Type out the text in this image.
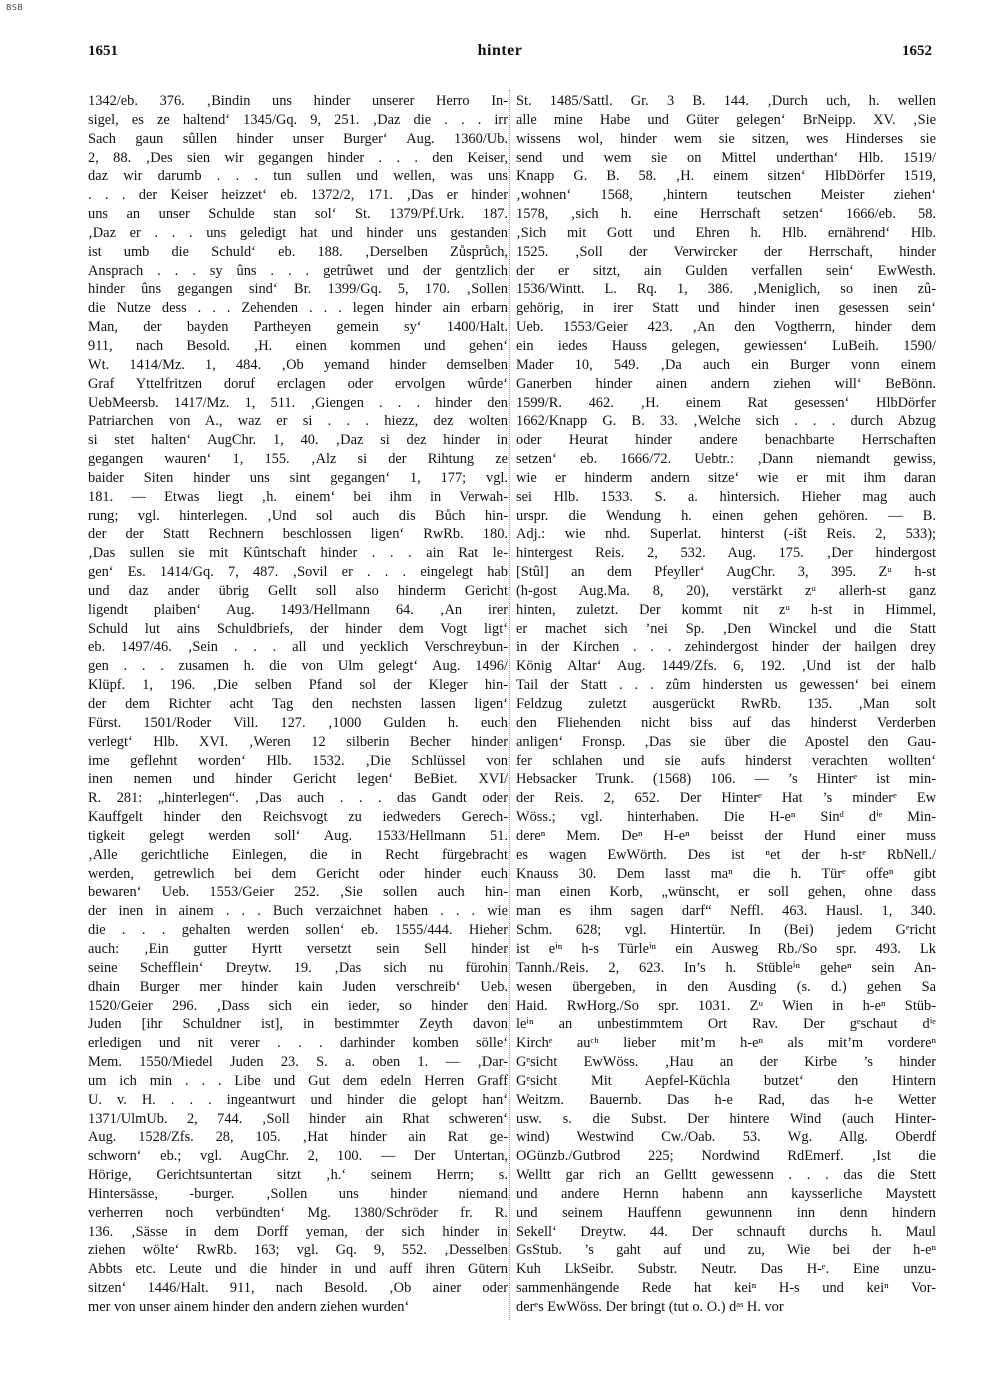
BSB
1651	hinter	1652
1342/eb. 376. ‚Bindin uns hinder unserer Herro In-
sigel, es ze haltend‘ 1345/Gq. 9, 251. ‚Daz die . . . irr
Sach gaun sûllen hinder unser Burger‘ Aug. 1360/Ub.
2, 88. ‚Des sien wir gegangen hinder . . . den Keiser,
daz wir darumb . . . tun sullen und wellen, was uns
. . . der Keiser heizzet‘ eb. 1372/2, 171. ‚Das er hinder
uns an unser Schulde stan sol‘ St. 1379/Pf.Urk. 187.
‚Daz er . . . uns geledigt hat und hinder uns gestanden
ist umb die Schuld‘ eb. 188. ‚Derselben Zůsprůch,
Ansprach . . . sy ûns . . . getrûwet und der gentzlich
hinder ûns gegangen sind‘ Br. 1399/Gq. 5, 170. ‚Sollen
die Nutze dess . . . Zehenden . . . legen hinder ain erbarn
Man, der bayden Partheyen gemein sy‘ 1400/Halt.
911, nach Besold. ‚H. einen kommen und gehen‘
Wt. 1414/Mz. 1, 484. ‚Ob yemand hinder demselben
Graf Yttelfritzen doruf erclagen oder ervolgen wûrde‘
UebMeersb. 1417/Mz. 1, 511. ‚Giengen . . . hinder den
Patriarchen von A., waz er si . . . hiezz, dez wolten
si stet halten‘ AugChr. 1, 40. ‚Daz si dez hinder in
gegangen wauren‘ 1, 155. ‚Alz si der Rihtung ze
baider Siten hinder uns sint gegangen‘ 1, 177; vgl.
181. — Etwas liegt ‚h. einem‘ bei ihm in Verwah-
rung; vgl. hinterlegen. ‚Und sol auch dis Bůch hin-
der der Statt Rechnern beschlossen ligen‘ RwRb. 180.
‚Das sullen sie mit Kûntschaft hinder . . . ain Rat le-
gen‘ Es. 1414/Gq. 7, 487. ‚Sovil er . . . eingelegt hab
und daz ander übrig Gellt soll also hinderm Gericht
ligendt plaiben‘ Aug. 1493/Hellmann 64. ‚An irer
Schuld lut ains Schuldbriefs, der hinder dem Vogt ligt‘
eb. 1497/46. ‚Sein . . . all und yecklich Verschreybun-
gen . . . zusamen h. die von Ulm gelegt‘ Aug. 1496/
Klüpf. 1, 196. ‚Die selben Pfand sol der Kleger hin-
der dem Richter acht Tag den nechsten lassen ligen‘
Fürst. 1501/Roder Vill. 127. ‚1000 Gulden h. euch
verlegt‘ Hlb. XVI. ‚Weren 12 silberin Becher hinder
ime geflehnt worden‘ Hlb. 1532. ‚Die Schlüssel von
inen nemen und hinder Gericht legen‘ BeBiet. XVI/
R. 281: „hinterlegen“. ‚Das auch . . . das Gandt oder
Kauffgelt hinder den Reichsvogt zu iedweders Gerech-
tigkeit gelegt werden soll‘ Aug. 1533/Hellmann 51.
‚Alle gerichtliche Einlegen, die in Recht fürgebracht
werden, getrewlich bei dem Gericht oder hinder euch
bewaren‘ Ueb. 1553/Geier 252. ‚Sie sollen auch hin-
der inen in ainem . . . Buch verzaichnet haben . . . wie
die . . . gehalten werden sollen‘ eb. 1555/444. Hieher
auch: ‚Ein gutter Hyrtt versetzt sein Sell hinder
seine Schefflein‘ Dreytw. 19. ‚Das sich nu fürohin
dhain Burger mer hinder kain Juden verschreib‘ Ueb.
1520/Geier 296. ‚Dass sich ein ieder, so hinder den
Juden [ihr Schuldner ist], in bestimmter Zeyth davon
erledigen und nit verer . . . darhinder komben sölle‘
Mem. 1550/Miedel Juden 23. S. a. oben 1. — ‚Dar-
um ich min . . . Libe und Gut dem edeln Herren Graff
U. v. H. . . . ingeantwurt und hinder die gelopt han‘
1371/UlmUb. 2, 744. ‚Soll hinder ain Rhat schweren‘
Aug. 1528/Zfs. 28, 105. ‚Hat hinder ain Rat ge-
schworn‘ eb.; vgl. AugChr. 2, 100. — Der Untertan,
Hörige, Gerichtsuntertan sitzt ‚h.‘ seinem Herrn; s.
Hintersässe, -burger. ‚Sollen uns hinder niemand
verherren noch verbündten‘ Mg. 1380/Schröder fr. R.
136. ‚Sässe in dem Dorff yeman, der sich hinder in
ziehen wölte‘ RwRb. 163; vgl. Gq. 9, 552. ‚Desselben
Abbts etc. Leute und die hinder in und auff ihren Gütern
sitzen‘ 1446/Halt. 911, nach Besold. ‚Ob ainer oder
mer von unser ainem hinder den andern ziehen wurden‘
St. 1485/Sattl. Gr. 3 B. 144. ‚Durch uch, h. wellen
alle mine Habe und Güter gelegen‘ BrNeipp. XV. ‚Sie
wissens wol, hinder wem sie sitzen, wes Hinderses sie
send und wem sie on Mittel underthan‘ Hlb. 1519/
Knapp G. B. 58. ‚H. einem sitzen‘ HlbDörfer 1519,
‚wohnen‘ 1568, ‚hintern teutschen Meister ziehen‘
1578, ‚sich h. eine Herrschaft setzen‘ 1666/eb. 58.
‚Sich mit Gott und Ehren h. Hlb. ernährend‘ Hlb.
1525. ‚Soll der Verwircker der Herrschaft, hinder
der er sitzt, ain Gulden verfallen sein‘ EwWesth.
1536/Wintt. L. Rq. 1, 386. ‚Meniglich, so inen zû-
gehörig, in irer Statt und hinder inen gesessen sein‘
Ueb. 1553/Geier 423. ‚An den Vogtherrn, hinder dem
ein iedes Hauss gelegen, gewiessen‘ LuBeih. 1590/
Mader 10, 549. ‚Da auch ein Burger vonn einem
Ganerben hinder ainen andern ziehen will‘ BeBönn.
1599/R. 462. ‚H. einem Rat gesessen‘ HlbDörfer
1662/Knapp G. B. 33. ‚Welche sich . . . durch Abzug
oder Heurat hinder andere benachbarte Herrschaften
setzen‘ eb. 1666/72. Uebtr.: ‚Dann niemandt gewiss,
wie er hinderm andern sitze‘ wie er mit ihm daran
sei Hlb. 1533. S. a. hintersich. Hieher mag auch
urspr. die Wendung h. einen gehen gehören. — B.
Adj.: wie nhd. Superlat. hinterst (-išt Reis. 2, 533);
hintergest Reis. 2, 532. Aug. 175. ‚Der hindergost
[Stûl] an dem Pfeyller‘ AugChr. 3, 395. Zᵘ h-st
(h-gost Aug.Ma. 8, 20), verstärkt zᵘ allerh-st ganz
hinten, zuletzt. Der kommt nit zᵘ h-st in Himmel,
er machet sich ’nei Sp. ‚Den Winckel und die Statt
in der Kirchen . . . zehindergost hinder der hailgen drey
König Altar‘ Aug. 1449/Zfs. 6, 192. ‚Und ist der halb
Tail der Statt . . . zûm hindersten us gewessen‘ bei einem
Feldzug zuletzt ausgerückt RwRb. 135. ‚Man solt
den Fliehenden nicht biss auf das hinderst Verderben
anligen‘ Fronsp. ‚Das sie über die Apostel den Gau-
fer schlahen und sie aufs hinderst verachten wollten‘
Hebsacker Trunk. (1568) 106. — ’s Hinterᵉ ist min-
der Reis. 2, 652. Der Hinterᵉ Hat ’s minderᵉ Ew
Wöss.; vgl. hinterhaben. Die H-eⁿ Sinᵈ dⁱᵉ Min-
dereⁿ Mem. Deⁿ H-eⁿ beisst der Hund einer muss
es wagen EwWörth. Des ist ⁿet der h-stᵉ RbNell./
Knauss 30. Dem lasst maⁿ die h. Türᵉ offeⁿ gibt
man einen Korb, „wünscht, er soll gehen, ohne dass
man es ihm sagen darf“ Neffl. 463. Hausl. 1, 340.
Schm. 628; vgl. Hintertür. In (Bei) jedem Gᵉricht
ist eⁱⁿ h-s Türleⁱⁿ ein Ausweg Rb./So spr. 493. Lk
Tannh./Reis. 2, 623. In’s h. Stübleⁱⁿ geheⁿ sein An-
wesen übergeben, in den Ausding (s. d.) gehen Sa
Haid. RwHorg./So spr. 1031. Zᵘ Wien in h-eⁿ Stüb-
leⁱⁿ an unbestimmtem Ort Rav. Der gᵉschaut dⁱᵉ
Kirchᵉ auᶜʰ lieber mit’m h-eⁿ als mit’m vordereⁿ
Gᵉsicht EwWöss. ‚Hau an der Kirbe ’s hinder
Gᵉsicht Mit Aepfel-Küchla butzet‘ den Hintern
Weitzm. Bauernb. Das h-e Rad, das h-e Wetter
usw. s. die Subst. Der hintere Wind (auch Hinter-
wind) Westwind Cw./Oab. 53. Wg. Allg. Oberdf
OGünzb./Gutbrod 225; Nordwind RdEmerf. ‚Ist die
Welltt gar rich an Gelltt gewessenn . . . das die Stett
und andere Hernn habenn ann kaysserliche Maystett
und seinem Hauffenn gewunnenn inn denn hindern
Sekell‘ Dreytw. 44. Der schnauft durchs h. Maul
GsStub. ’s gaht auf und zu, Wie bei der h-eⁿ
Kuh LkSeibr. Substr. Neutr. Das H-ᵉ. Eine unzu-
sammenhängende Rede hat keiⁿ H-s und keiⁿ Vor-
derᵉs EwWöss. Der bringt (tut o. O.) dᵃˢ H. vor
